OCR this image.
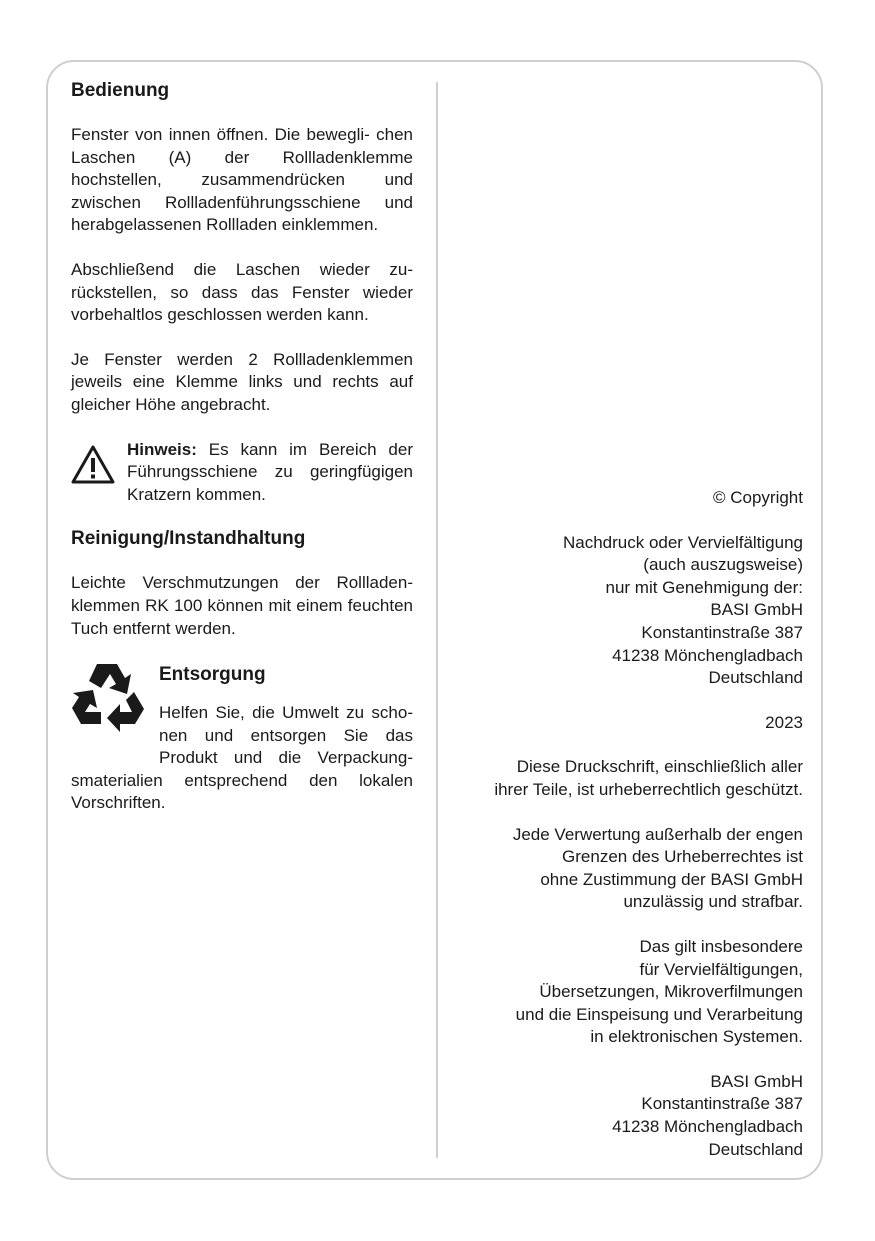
Bedienung

Fenster von innen öffnen. Die bewegli- chen Laschen (A) der Rollladenklemme hochstellen, zusammendrücken und zwischen Rollladenführungsschiene und herabgelassenen Rollladen einklemmen.

Abschließend die Laschen wieder zu- rückstellen, so dass das Fenster wieder vorbehaltlos geschlossen werden kann.

Je Fenster werden 2 Rollladenklemmen jeweils eine Klemme links und rechts auf gleicher Höhe angebracht.

Hinweis: Es kann im Bereich der Führungsschiene zu geringfügigen Kratzern kommen.

Reinigung/Instandhaltung

Leichte Verschmutzungen der Rollladen- klemmen RK 100 können mit einem feuchten Tuch entfernt werden.

Entsorgung

Helfen Sie, die Umwelt zu scho- nen und entsorgen Sie das Produkt und die Verpackung- smaterialien entsprechend den lokalen Vorschriften.

© Copyright

Nachdruck oder Vervielfältigung
(auch auszugsweise)
nur mit Genehmigung der:
BASI GmbH
Konstantinstraße 387
41238 Mönchengladbach
Deutschland

2023

Diese Druckschrift, einschließlich aller
ihrer Teile, ist urheberrechtlich geschützt.

Jede Verwertung außerhalb der engen
Grenzen des Urheberrechtes ist
ohne Zustimmung der BASI GmbH
unzulässig und strafbar.

Das gilt insbesondere
für Vervielfältigungen,
Übersetzungen, Mikroverfilmungen
und die Einspeisung und Verarbeitung
in elektronischen Systemen.

BASI GmbH
Konstantinstraße 387
41238 Mönchengladbach
Deutschland
